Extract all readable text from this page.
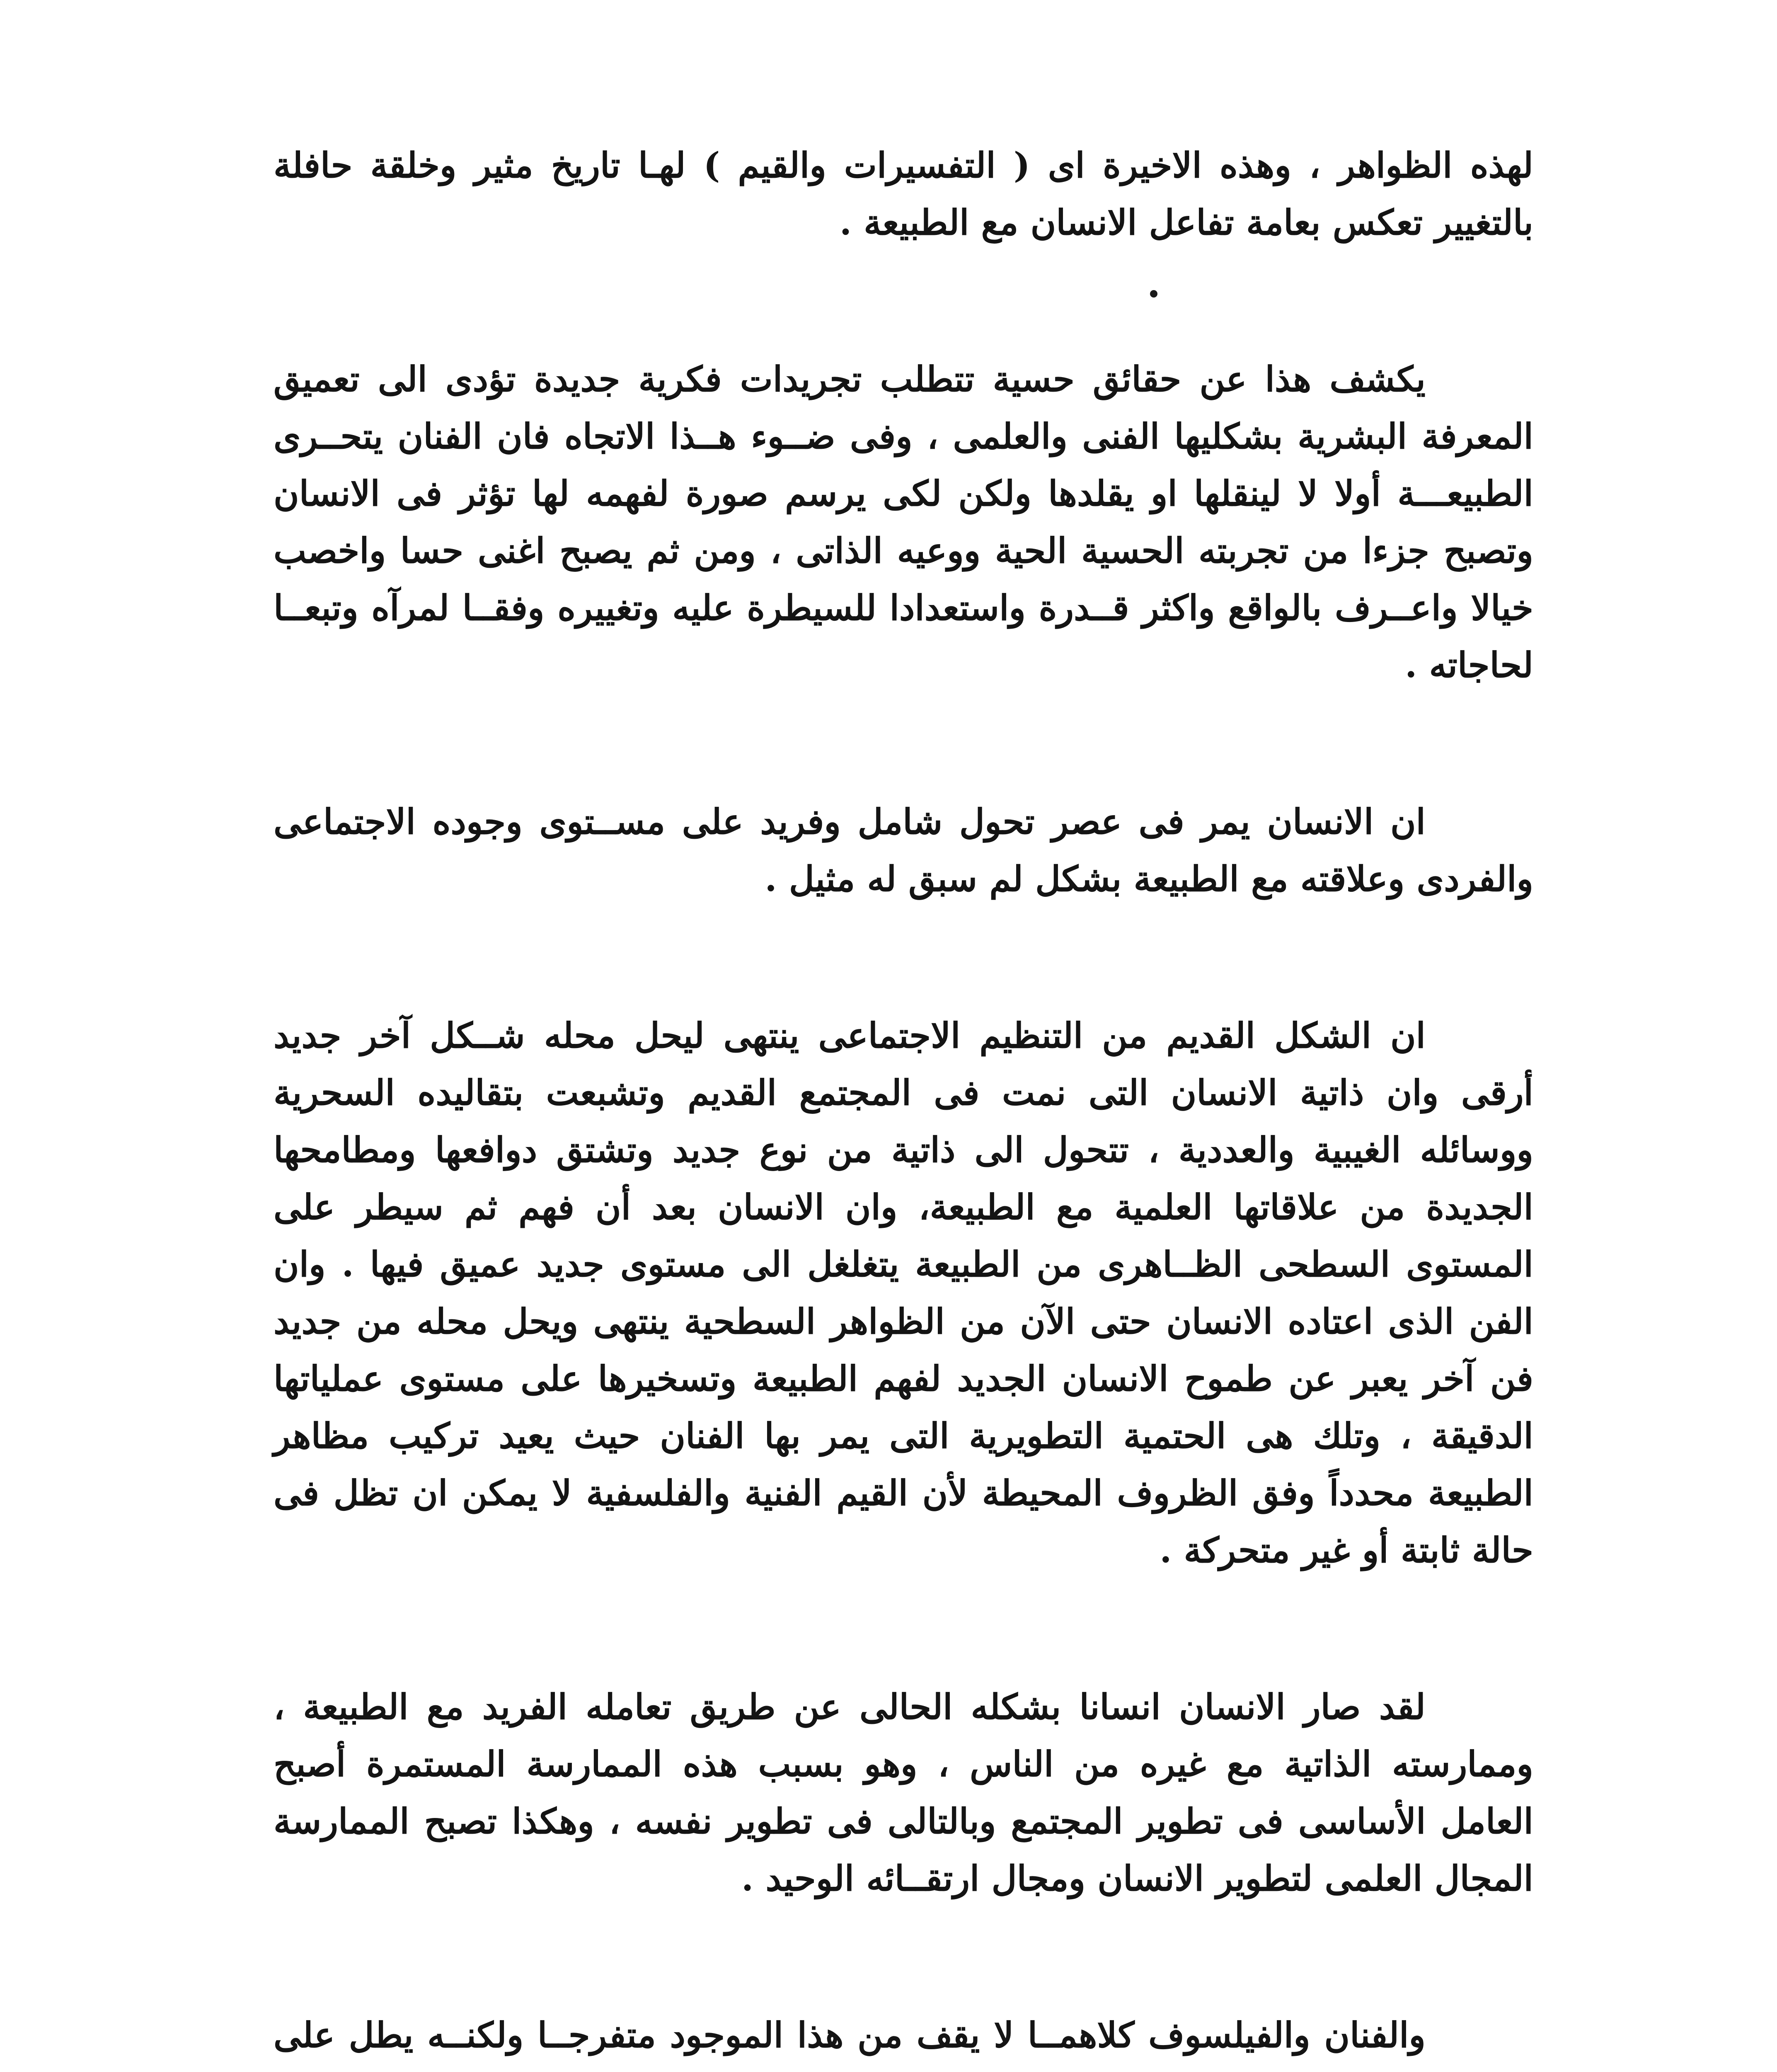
لهذه الظواهر ، وهذه الاخيرة اى ( التفسيرات والقيم ) لهـا تاريخ مثير وخلقة حافلة بالتغيير تعكس بعامة تفاعل الانسان مع الطبيعة .

يكشف هذا عن حقائق حسية تتطلب تجريدات فكرية جديدة تؤدى الى تعميق المعرفة البشرية بشكليها الفنى والعلمى ، وفى ضــوء هــذا الاتجاه فان الفنان يتحــرى الطبيعـــة أولا لا لينقلها او يقلدها ولكن لكى يرسم صورة لفهمه لها تؤثر فى الانسان وتصبح جزءا من تجربته الحسية الحية ووعيه الذاتى ، ومن ثم يصبح اغنى حسا واخصب خيالا واعــرف بالواقع واكثر قــدرة واستعدادا للسيطرة عليه وتغييره وفقــا لمرآه وتبعــا لحاجاته .

ان الانسان يمر فى عصر تحول شامل وفريد على مســتوى وجوده الاجتماعى والفردى وعلاقته مع الطبيعة بشكل لم سبق له مثيل .

ان الشكل القديم من التنظيم الاجتماعى ينتهى ليحل محله شــكل آخر جديد أرقى وان ذاتية الانسان التى نمت فى المجتمع القديم وتشبعت بتقاليده السحرية ووسائله الغيبية والعددية ، تتحول الى ذاتية من نوع جديد وتشتق دوافعها ومطامحها الجديدة من علاقاتها العلمية مع الطبيعة، وان الانسان بعد أن فهم ثم سيطر على المستوى السطحى الظــاهرى من الطبيعة يتغلغل الى مستوى جديد عميق فيها . وان الفن الذى اعتاده الانسان حتى الآن من الظواهر السطحية ينتهى ويحل محله من جديد فن آخر يعبر عن طموح الانسان الجديد لفهم الطبيعة وتسخيرها على مستوى عملياتها الدقيقة ، وتلك هى الحتمية التطويرية التى يمر بها الفنان حيث يعيد تركيب مظاهر الطبيعة محدداً وفق الظروف المحيطة لأن القيم الفنية والفلسفية لا يمكن ان تظل فى حالة ثابتة أو غير متحركة .

لقد صار الانسان انسانا بشكله الحالى عن طريق تعامله الفريد مع الطبيعة ، وممارسته الذاتية مع غيره من الناس ، وهو بسبب هذه الممارسة المستمرة أصبح العامل الأساسى فى تطوير المجتمع وبالتالى فى تطوير نفسه ، وهكذا تصبح الممارسة المجال العلمى لتطوير الانسان ومجال ارتقــائه الوحيد .

والفنان والفيلسوف كلاهمــا لا يقف من هذا الموجود متفرجــا ولكنــه يطل على
